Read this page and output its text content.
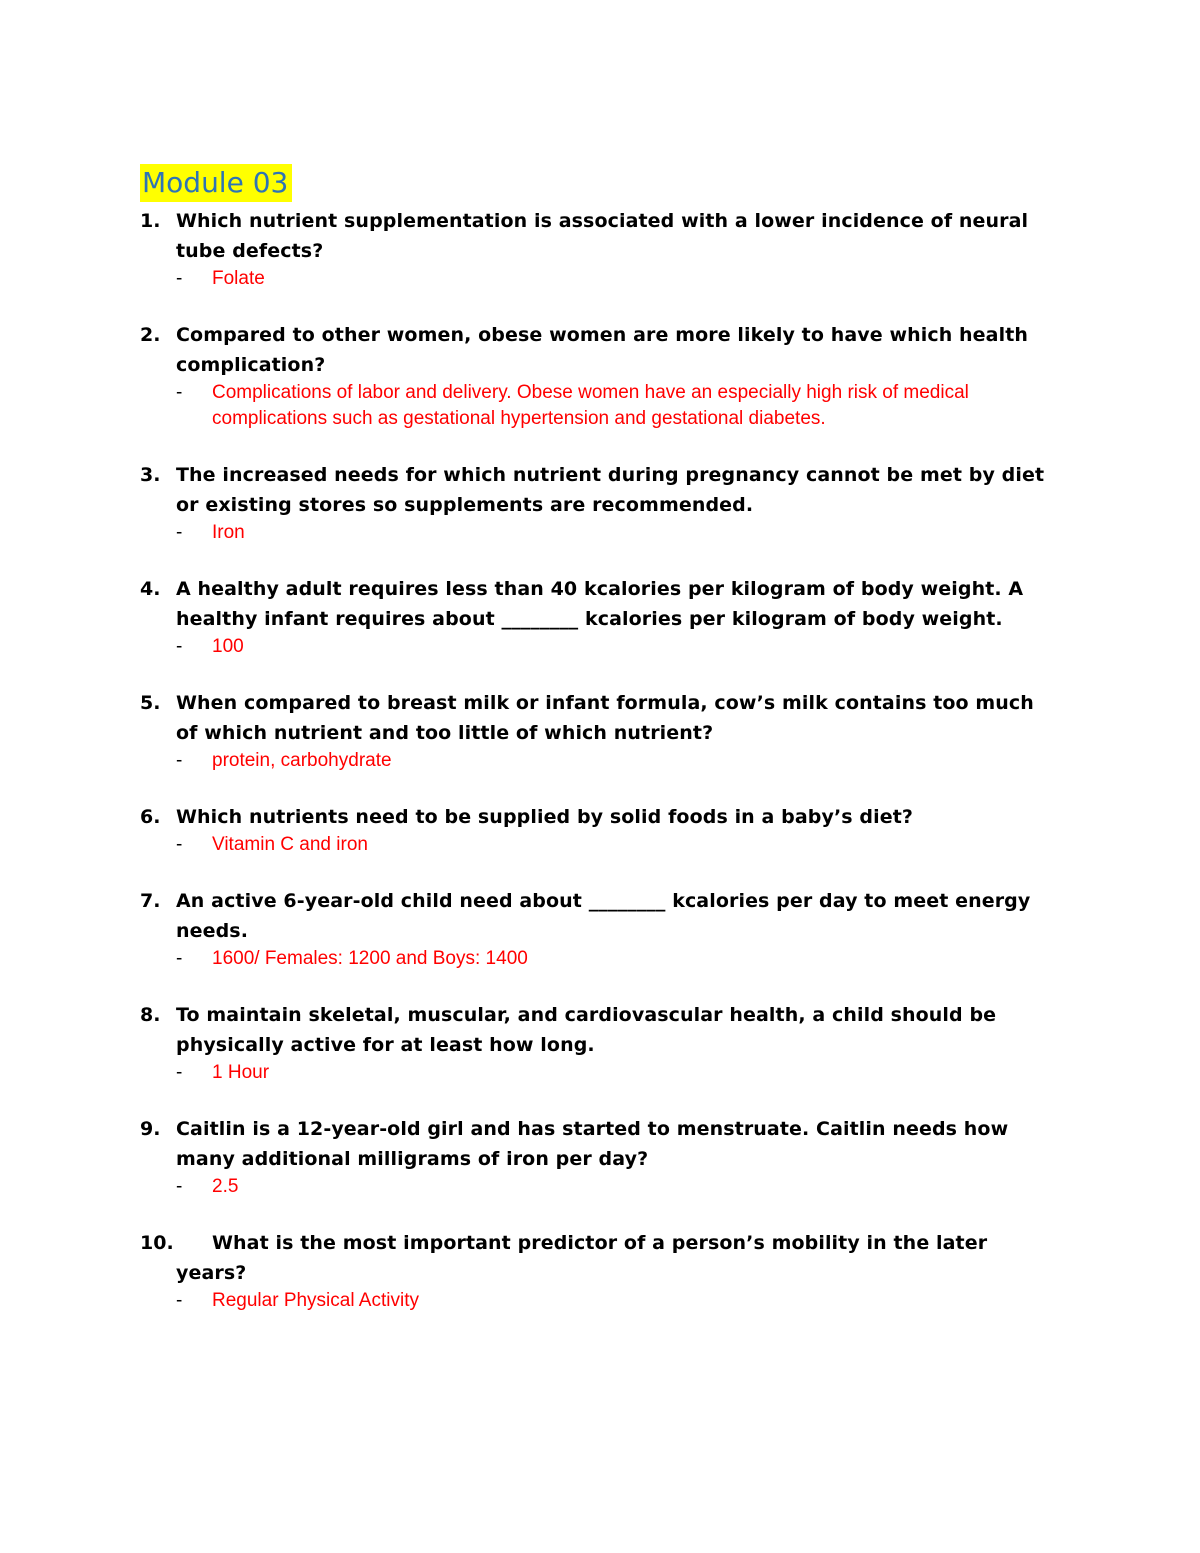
Module 03
1. Which nutrient supplementation is associated with a lower incidence of neural tube defects?

- Folate

2. Compared to other women, obese women are more likely to have which health complication?

- Complications of labor and delivery. Obese women have an especially high risk of medical complications such as gestational hypertension and gestational diabetes.

3. The increased needs for which nutrient during pregnancy cannot be met by diet or existing stores so supplements are recommended.

- Iron

4. A healthy adult requires less than 40 kcalories per kilogram of body weight. A healthy infant requires about ________ kcalories per kilogram of body weight.

- 100

5. When compared to breast milk or infant formula, cow’s milk contains too much of which nutrient and too little of which nutrient?

- protein, carbohydrate

6. Which nutrients need to be supplied by solid foods in a baby’s diet?

- Vitamin C and iron

7. An active 6-year-old child need about ________ kcalories per day to meet energy needs.

- 1600/ Females: 1200 and Boys: 1400

8. To maintain skeletal, muscular, and cardiovascular health, a child should be physically active for at least how long.

- 1 Hour

9. Caitlin is a 12-year-old girl and has started to menstruate. Caitlin needs how many additional milligrams of iron per day?

- 2.5

10.	What is the most important predictor of a person’s mobility in the later years?

- Regular Physical Activity
